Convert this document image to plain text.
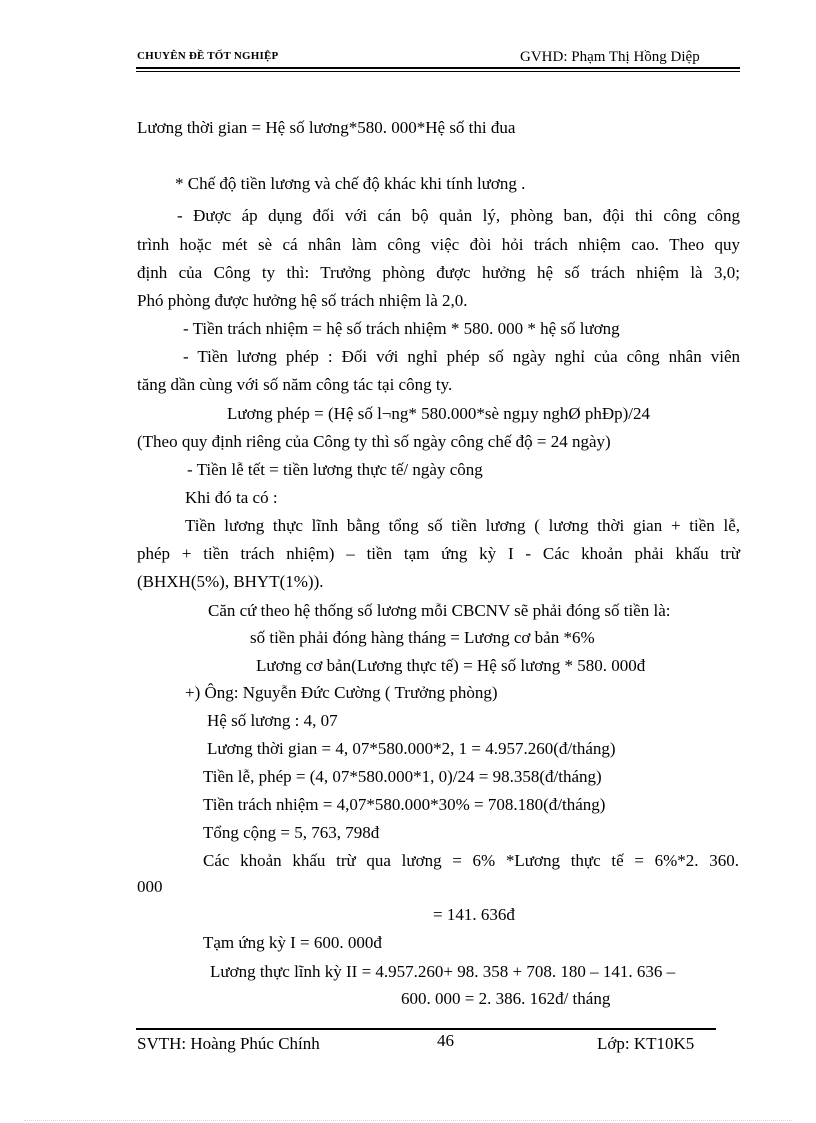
CHUYÊN ĐỀ TỐT NGHIỆP	GVHD: Phạm Thị Hồng Diệp
Lương thời gian = Hệ số lương*580. 000*Hệ số thi đua
* Chế độ tiền lương và chế độ khác khi tính lương .
- Được áp dụng đối với cán bộ quản lý, phòng ban, đội thi công công
trình hoặc mét sè cá nhân làm công việc đòi hỏi trách nhiệm cao. Theo quy
định của Công ty thì: Trưởng phòng được hưởng hệ số trách nhiệm là 3,0;
Phó phòng được hưởng hệ số trách nhiệm là 2,0.
- Tiền trách nhiệm = hệ số trách nhiệm * 580. 000 * hệ số lương
- Tiền lương phép : Đối với nghỉ phép số ngày nghỉ của công nhân viên
tăng dần cùng với số năm công tác tại công ty.
Lương phép = (Hệ số l¬ng* 580.000*sè ngµy nghØ phÐp)/24
(Theo quy định riêng của Công ty thì số ngày công chế độ = 24 ngày)
- Tiền lễ tết = tiền lương thực tế/ ngày công
Khi đó ta có :
Tiền lương thực lĩnh bằng tổng số tiền lương ( lương thời gian + tiền lễ,
phép + tiền trách nhiệm) – tiền tạm ứng kỳ I - Các khoản phải khấu trừ
(BHXH(5%), BHYT(1%)).
Căn cứ theo hệ thống số lương mỗi CBCNV sẽ phải đóng số tiền là:
số tiền phải đóng hàng tháng = Lương cơ bản *6%
Lương cơ bản(Lương thực tế) = Hệ số lương * 580. 000đ
+) Ông: Nguyễn Đức Cường ( Trưởng phòng)
Hệ số lương : 4, 07
Lương thời gian = 4, 07*580.000*2, 1 = 4.957.260(đ/tháng)
Tiền lễ, phép = (4, 07*580.000*1, 0)/24 = 98.358(đ/tháng)
Tiền trách nhiệm = 4,07*580.000*30% = 708.180(đ/tháng)
Tổng cộng = 5, 763, 798đ
Các khoản khấu trừ qua lương = 6% *Lương thực tế = 6%*2. 360.
000
= 141. 636đ
Tạm ứng kỳ I = 600. 000đ
Lương thực lĩnh kỳ II = 4.957.260+ 98. 358 + 708. 180 – 141. 636 –
600. 000 = 2. 386. 162đ/ tháng
SVTH: Hoàng Phúc Chính	46	Lớp: KT10K5
